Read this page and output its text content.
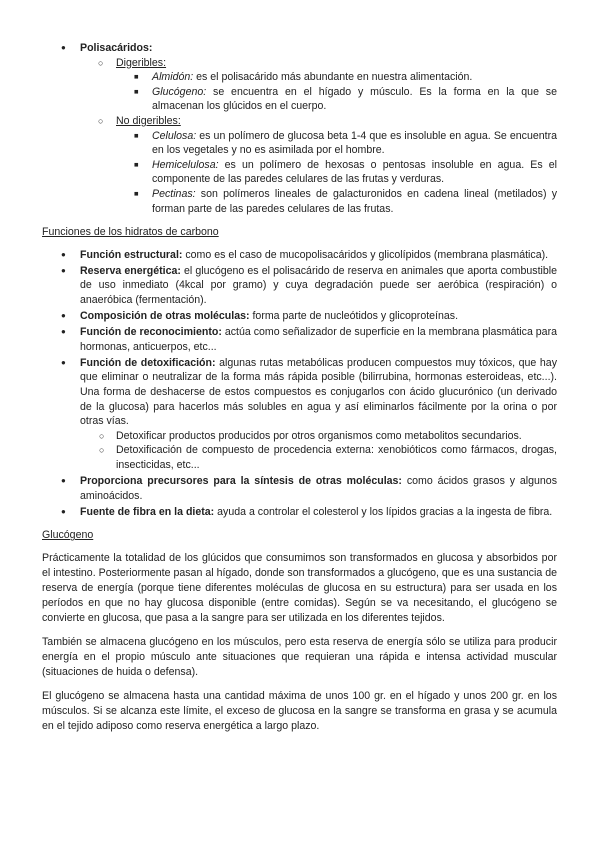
● Polisacáridos:
○ Digeribles:
■ Almidón: es el polisacárido más abundante en nuestra alimentación.
■ Glucógeno: se encuentra en el hígado y músculo. Es la forma en la que se almacenan los glúcidos en el cuerpo.
○ No digeribles:
■ Celulosa: es un polímero de glucosa beta 1-4 que es insoluble en agua. Se encuentra en los vegetales y no es asimilada por el hombre.
■ Hemicelulosa: es un polímero de hexosas o pentosas insoluble en agua. Es el componente de las paredes celulares de las frutas y verduras.
■ Pectinas: son polímeros lineales de galacturonidos en cadena lineal (metilados) y forman parte de las paredes celulares de las frutas.
Funciones de los hidratos de carbono
● Función estructural: como es el caso de mucopolisacáridos y glicolípidos (membrana plasmática).
● Reserva energética: el glucógeno es el polisacárido de reserva en animales que aporta combustible de uso inmediato (4kcal por gramo) y cuya degradación puede ser aeróbica (respiración) o anaeróbica (fermentación).
● Composición de otras moléculas: forma parte de nucleótidos y glicoproteínas.
● Función de reconocimiento: actúa como señalizador de superficie en la membrana plasmática para hormonas, anticuerpos, etc...
● Función de detoxificación: algunas rutas metabólicas producen compuestos muy tóxicos, que hay que eliminar o neutralizar de la forma más rápida posible (bilirrubina, hormonas esteroideas, etc...). Una forma de deshacerse de estos compuestos es conjugarlos con ácido glucurónico (un derivado de la glucosa) para hacerlos más solubles en agua y así eliminarlos fácilmente por la orina o por otras vías.
○ Detoxificar productos producidos por otros organismos como metabolitos secundarios.
○ Detoxificación de compuesto de procedencia externa: xenobióticos como fármacos, drogas, insecticidas, etc...
● Proporciona precursores para la síntesis de otras moléculas: como ácidos grasos y algunos aminoácidos.
● Fuente de fibra en la dieta: ayuda a controlar el colesterol y los lípidos gracias a la ingesta de fibra.
Glucógeno

Prácticamente la totalidad de los glúcidos que consumimos son transformados en glucosa y absorbidos por el intestino. Posteriormente pasan al hígado, donde son transformados a glucógeno, que es una sustancia de reserva de energía (porque tiene diferentes moléculas de glucosa en su estructura) para ser usada en los períodos en que no hay glucosa disponible (entre comidas). Según se va necesitando, el glucógeno se convierte en glucosa, que pasa a la sangre para ser utilizada en los diferentes tejidos.

También se almacena glucógeno en los músculos, pero esta reserva de energía sólo se utiliza para producir energía en el propio músculo ante situaciones que requieran una rápida e intensa actividad muscular (situaciones de huida o defensa).

El glucógeno se almacena hasta una cantidad máxima de unos 100 gr. en el hígado y unos 200 gr. en los músculos. Si se alcanza este límite, el exceso de glucosa en la sangre se transforma en grasa y se acumula en el tejido adiposo como reserva energética a largo plazo.
